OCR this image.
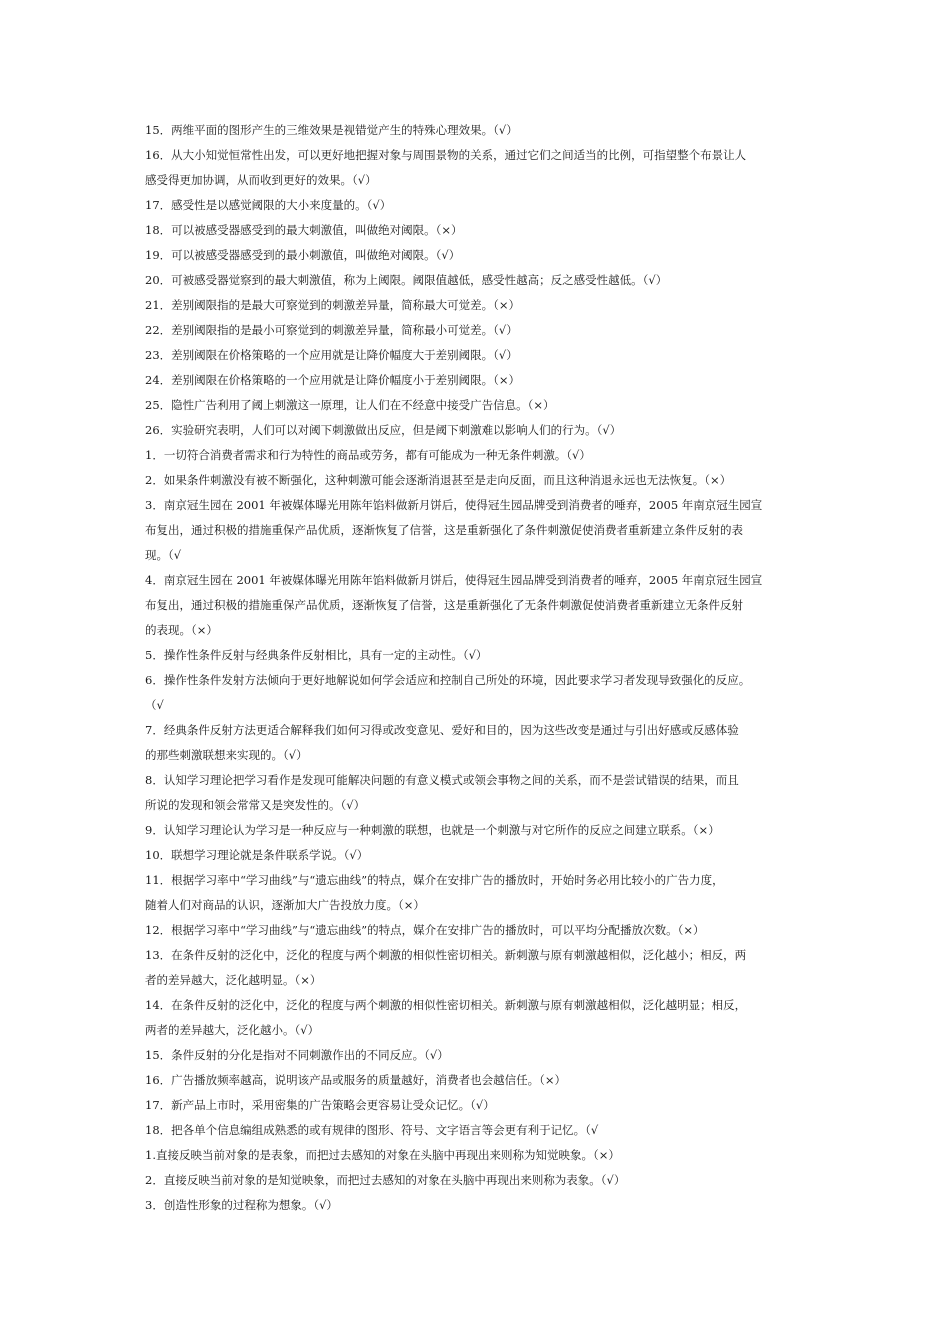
15．两维平面的图形产生的三维效果是视错觉产生的特殊心理效果。（√）
16．从大小知觉恒常性出发，可以更好地把握对象与周围景物的关系，通过它们之间适当的比例，可指望整个布景让人
感受得更加协调，从而收到更好的效果。（√）
17．感受性是以感觉阈限的大小来度量的。（√）
18．可以被感受器感受到的最大刺激值，叫做绝对阈限。（×）
19．可以被感受器感受到的最小刺激值，叫做绝对阈限。（√）
20．可被感受器觉察到的最大刺激值，称为上阈限。阈限值越低，感受性越高；反之感受性越低。（√）
21．差别阈限指的是最大可察觉到的刺激差异量，简称最大可觉差。（×）
22．差别阈限指的是最小可察觉到的刺激差异量，简称最小可觉差。（√）
23．差别阈限在价格策略的一个应用就是让降价幅度大于差别阈限。（√）
24．差别阈限在价格策略的一个应用就是让降价幅度小于差别阈限。（×）
25．隐性广告利用了阈上刺激这一原理，让人们在不经意中接受广告信息。（×）
26．实验研究表明，人们可以对阈下刺激做出反应，但是阈下刺激难以影响人们的行为。（√）
1．一切符合消费者需求和行为特性的商品或劳务，都有可能成为一种无条件刺激。（√）
2．如果条件刺激没有被不断强化，这种刺激可能会逐渐消退甚至是走向反面，而且这种消退永远也无法恢复。（×）
3．南京冠生园在 2001 年被媒体曝光用陈年馅料做新月饼后，使得冠生园品牌受到消费者的唾弃，2005 年南京冠生园宣
布复出，通过积极的措施重保产品优质，逐渐恢复了信誉，这是重新强化了条件刺激促使消费者重新建立条件反射的表
现。（√
4．南京冠生园在 2001 年被媒体曝光用陈年馅料做新月饼后，使得冠生园品牌受到消费者的唾弃，2005 年南京冠生园宣
布复出，通过积极的措施重保产品优质，逐渐恢复了信誉，这是重新强化了无条件刺激促使消费者重新建立无条件反射
的表现。（×）
5．操作性条件反射与经典条件反射相比，具有一定的主动性。（√）
6．操作性条件发射方法倾向于更好地解说如何学会适应和控制自己所处的环境，因此要求学习者发现导致强化的反应。
（√
7．经典条件反射方法更适合解释我们如何习得或改变意见、爱好和目的，因为这些改变是通过与引出好感或反感体验
的那些刺激联想来实现的。（√）
8．认知学习理论把学习看作是发现可能解决问题的有意义模式或领会事物之间的关系，而不是尝试错误的结果，而且
所说的发现和领会常常又是突发性的。（√）
9．认知学习理论认为学习是一种反应与一种刺激的联想，也就是一个刺激与对它所作的反应之间建立联系。（×）
10．联想学习理论就是条件联系学说。（√）
11．根据学习率中“学习曲线”与“遗忘曲线”的特点，媒介在安排广告的播放时，开始时务必用比较小的广告力度，
随着人们对商品的认识，逐渐加大广告投放力度。（×）
12．根据学习率中“学习曲线”与“遗忘曲线”的特点，媒介在安排广告的播放时，可以平均分配播放次数。（×）
13．在条件反射的泛化中，泛化的程度与两个刺激的相似性密切相关。新刺激与原有刺激越相似，泛化越小；相反，两
者的差异越大，泛化越明显。（×）
14．在条件反射的泛化中，泛化的程度与两个刺激的相似性密切相关。新刺激与原有刺激越相似，泛化越明显；相反，
两者的差异越大，泛化越小。（√）
15．条件反射的分化是指对不同刺激作出的不同反应。（√）
16．广告播放频率越高，说明该产品或服务的质量越好，消费者也会越信任。（×）
17．新产品上市时，采用密集的广告策略会更容易让受众记忆。（√）
18．把各单个信息编组成熟悉的或有规律的图形、符号、文字语言等会更有利于记忆。（√
1.直接反映当前对象的是表象，而把过去感知的对象在头脑中再现出来则称为知觉映象。（×）
2．直接反映当前对象的是知觉映象，而把过去感知的对象在头脑中再现出来则称为表象。（√）
3．创造性形象的过程称为想象。（√）
